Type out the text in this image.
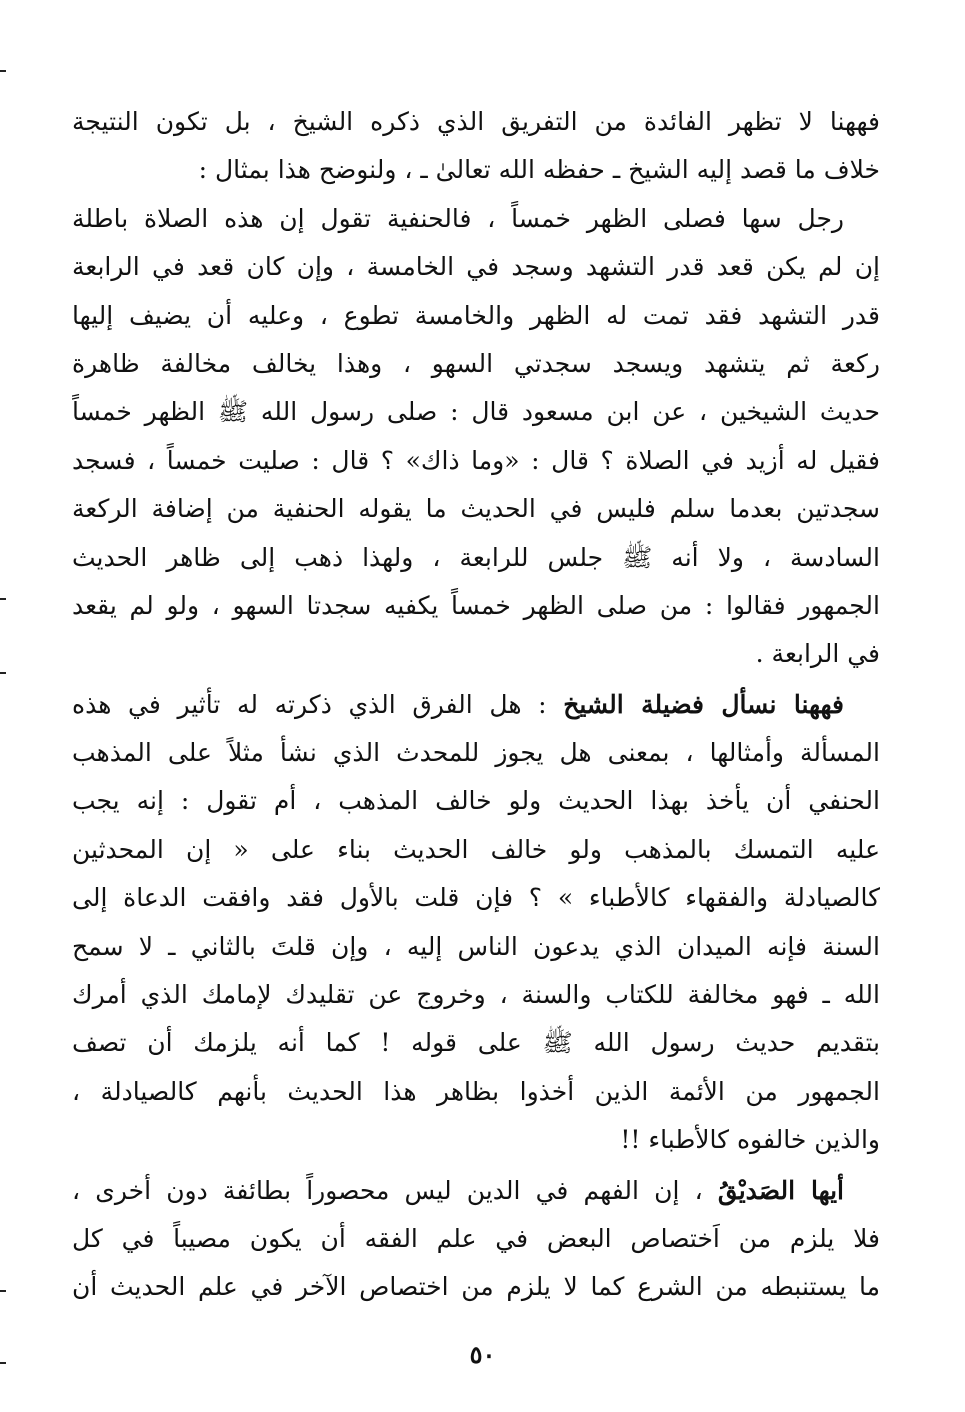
فههنا لا تظهر الفائدة من التفريق الذي ذكره الشيخ ، بل تكون النتيجة
خلاف ما قصد إليه الشيخ ـ حفظه الله تعالىٰ ـ ، ولنوضح هذا بمثال :
رجل سها فصلى الظهر خمساً ، فالحنفية تقول إن هذه الصلاة باطلة
إن لم يكن قعد قدر التشهد وسجد في الخامسة ، وإن كان قعد في الرابعة
قدر التشهد فقد تمت له الظهر والخامسة تطوع ، وعليه أن يضيف إليها
ركعة ثم يتشهد ويسجد سجدتي السهو ، وهذا يخالف مخالفة ظاهرة
حديث الشيخين ، عن ابن مسعود قال : صلى رسول الله ﷺ الظهر خمساً
فقيل له أزيد في الصلاة ؟ قال : «وما ذاك» ؟ قال : صليت خمساً ، فسجد
سجدتين بعدما سلم فليس في الحديث ما يقوله الحنفية من إضافة الركعة
السادسة ، ولا أنه ﷺ جلس للرابعة ، ولهذا ذهب إلى ظاهر الحديث
الجمهور فقالوا : من صلى الظهر خمساً يكفيه سجدتا السهو ، ولو لم يقعد
في الرابعة .
فههنا نسأل فضيلة الشيخ : هل الفرق الذي ذكرته له تأثير في هذه
المسألة وأمثالها ، بمعنى هل يجوز للمحدث الذي نشأ مثلاً على المذهب
الحنفي أن يأخذ بهذا الحديث ولو خالف المذهب ، أم تقول : إنه يجب
عليه التمسك بالمذهب ولو خالف الحديث بناء على « إن المحدثين
كالصيادلة والفقهاء كالأطباء » ؟ فإن قلت بالأول فقد وافقت الدعاة إلى
السنة فإنه الميدان الذي يدعون الناس إليه ، وإن قلتَ بالثاني ـ لا سمح
الله ـ فهو مخالفة للكتاب والسنة ، وخروج عن تقليدك لإمامك الذي أمرك
بتقديم حديث رسول الله ﷺ على قوله ! كما أنه يلزمك أن تصف
الجمهور من الأئمة الذين أخذوا بظاهر هذا الحديث بأنهم كالصيادلة ،
والذين خالفوه كالأطباء !!
أيها الصَديْقُ ، إن الفهم في الدين ليس محصوراً بطائفة دون أخرى ،
فلا يلزم من اَختصاص البعض في علم الفقه أن يكون مصيباً في كل
ما يستنبطه من الشرع كما لا يلزم من اختصاص الآخر في علم الحديث أن
٥٠
